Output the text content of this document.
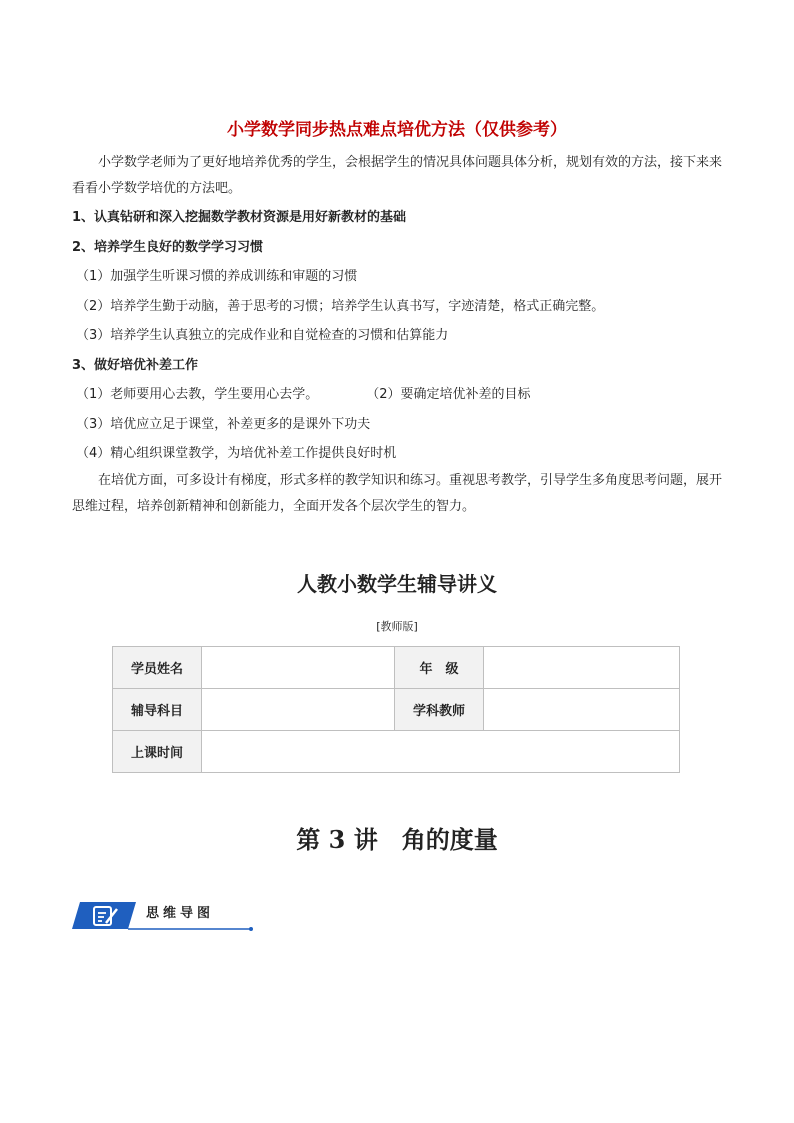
小学数学同步热点难点培优方法（仅供参考）
小学数学老师为了更好地培养优秀的学生，会根据学生的情况具体问题具体分析，规划有效的方法，接下来来看看小学数学培优的方法吧。
1、认真钻研和深入挖掘数学教材资源是用好新教材的基础
2、培养学生良好的数学学习习惯
（1）加强学生听课习惯的养成训练和审题的习惯
（2）培养学生勤于动脑，善于思考的习惯；培养学生认真书写，字迹清楚，格式正确完整。
（3）培养学生认真独立的完成作业和自觉检查的习惯和估算能力
3、做好培优补差工作
（1）老师要用心去教，学生要用心去学。	（2）要确定培优补差的目标
（3）培优应立足于课堂，补差更多的是课外下功夫
（4）精心组织课堂教学，为培优补差工作提供良好时机
在培优方面，可多设计有梯度，形式多样的教学知识和练习。重视思考教学，引导学生多角度思考问题，展开思维过程，培养创新精神和创新能力，全面开发各个层次学生的智力。
人教小数学生辅导讲义
[教师版]
学员姓名		年　级	
辅导科目		学科教师	
上课时间			
第 3 讲　角的度量
思维导图
